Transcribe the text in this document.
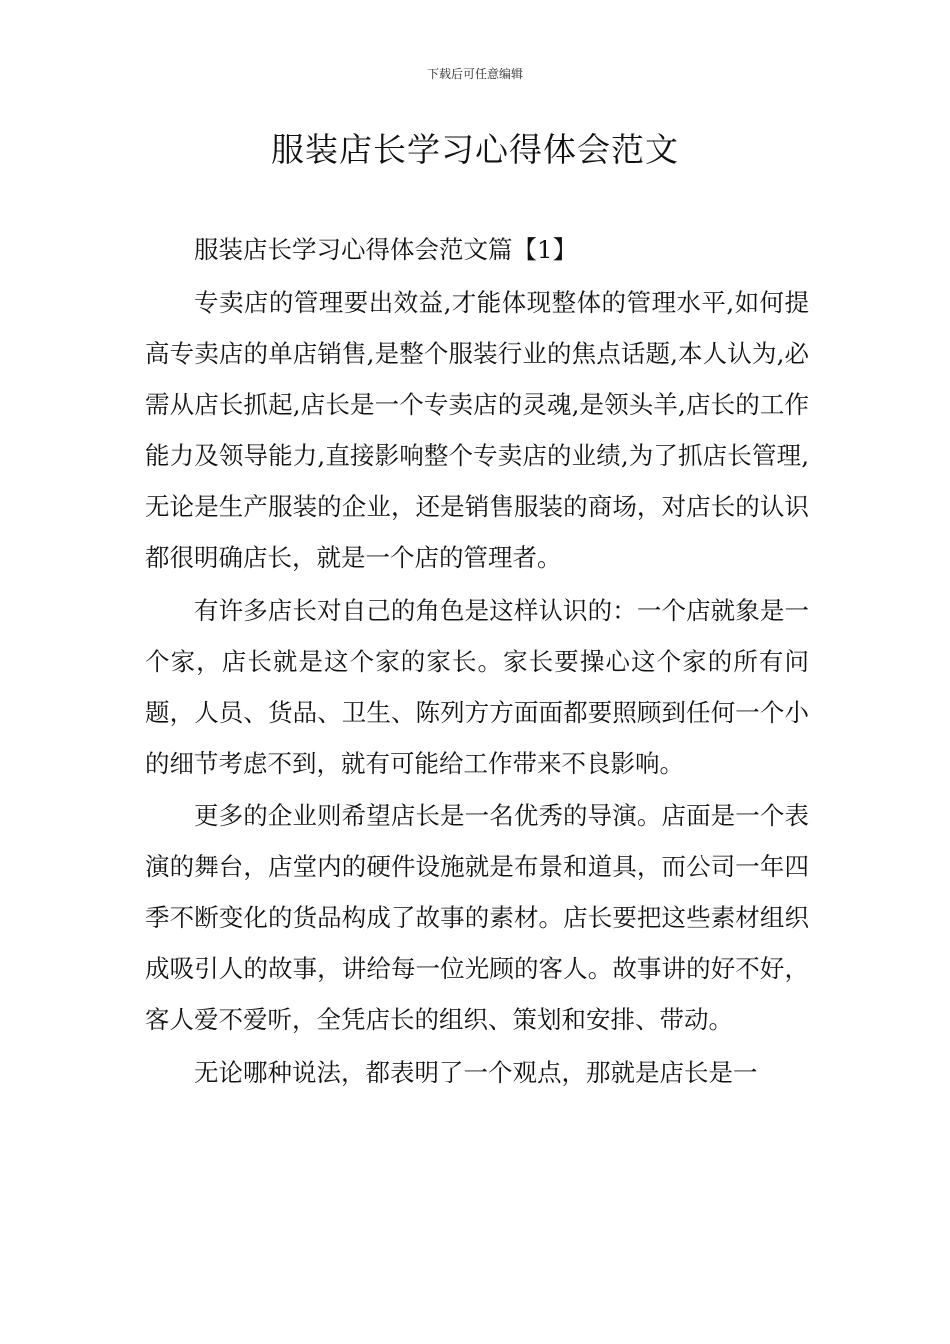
下载后可任意编辑
服装店长学习心得体会范文

服装店长学习心得体会范文篇【1】

专卖店的管理要出效益,才能体现整体的管理水平,如何提高专卖店的单店销售,是整个服装行业的焦点话题,本人认为,必需从店长抓起,店长是一个专卖店的灵魂,是领头羊,店长的工作能力及领导能力,直接影响整个专卖店的业绩,为了抓店长管理,无论是生产服装的企业，还是销售服装的商场，对店长的认识都很明确店长，就是一个店的管理者。

有许多店长对自己的角色是这样认识的：一个店就象是一个家，店长就是这个家的家长。家长要操心这个家的所有问题，人员、货品、卫生、陈列方方面面都要照顾到任何一个小的细节考虑不到，就有可能给工作带来不良影响。

更多的企业则希望店长是一名优秀的导演。店面是一个表演的舞台，店堂内的硬件设施就是布景和道具，而公司一年四季不断变化的货品构成了故事的素材。店长要把这些素材组织成吸引人的故事，讲给每一位光顾的客人。故事讲的好不好，客人爱不爱听，全凭店长的组织、策划和安排、带动。

无论哪种说法，都表明了一个观点，那就是店长是一
